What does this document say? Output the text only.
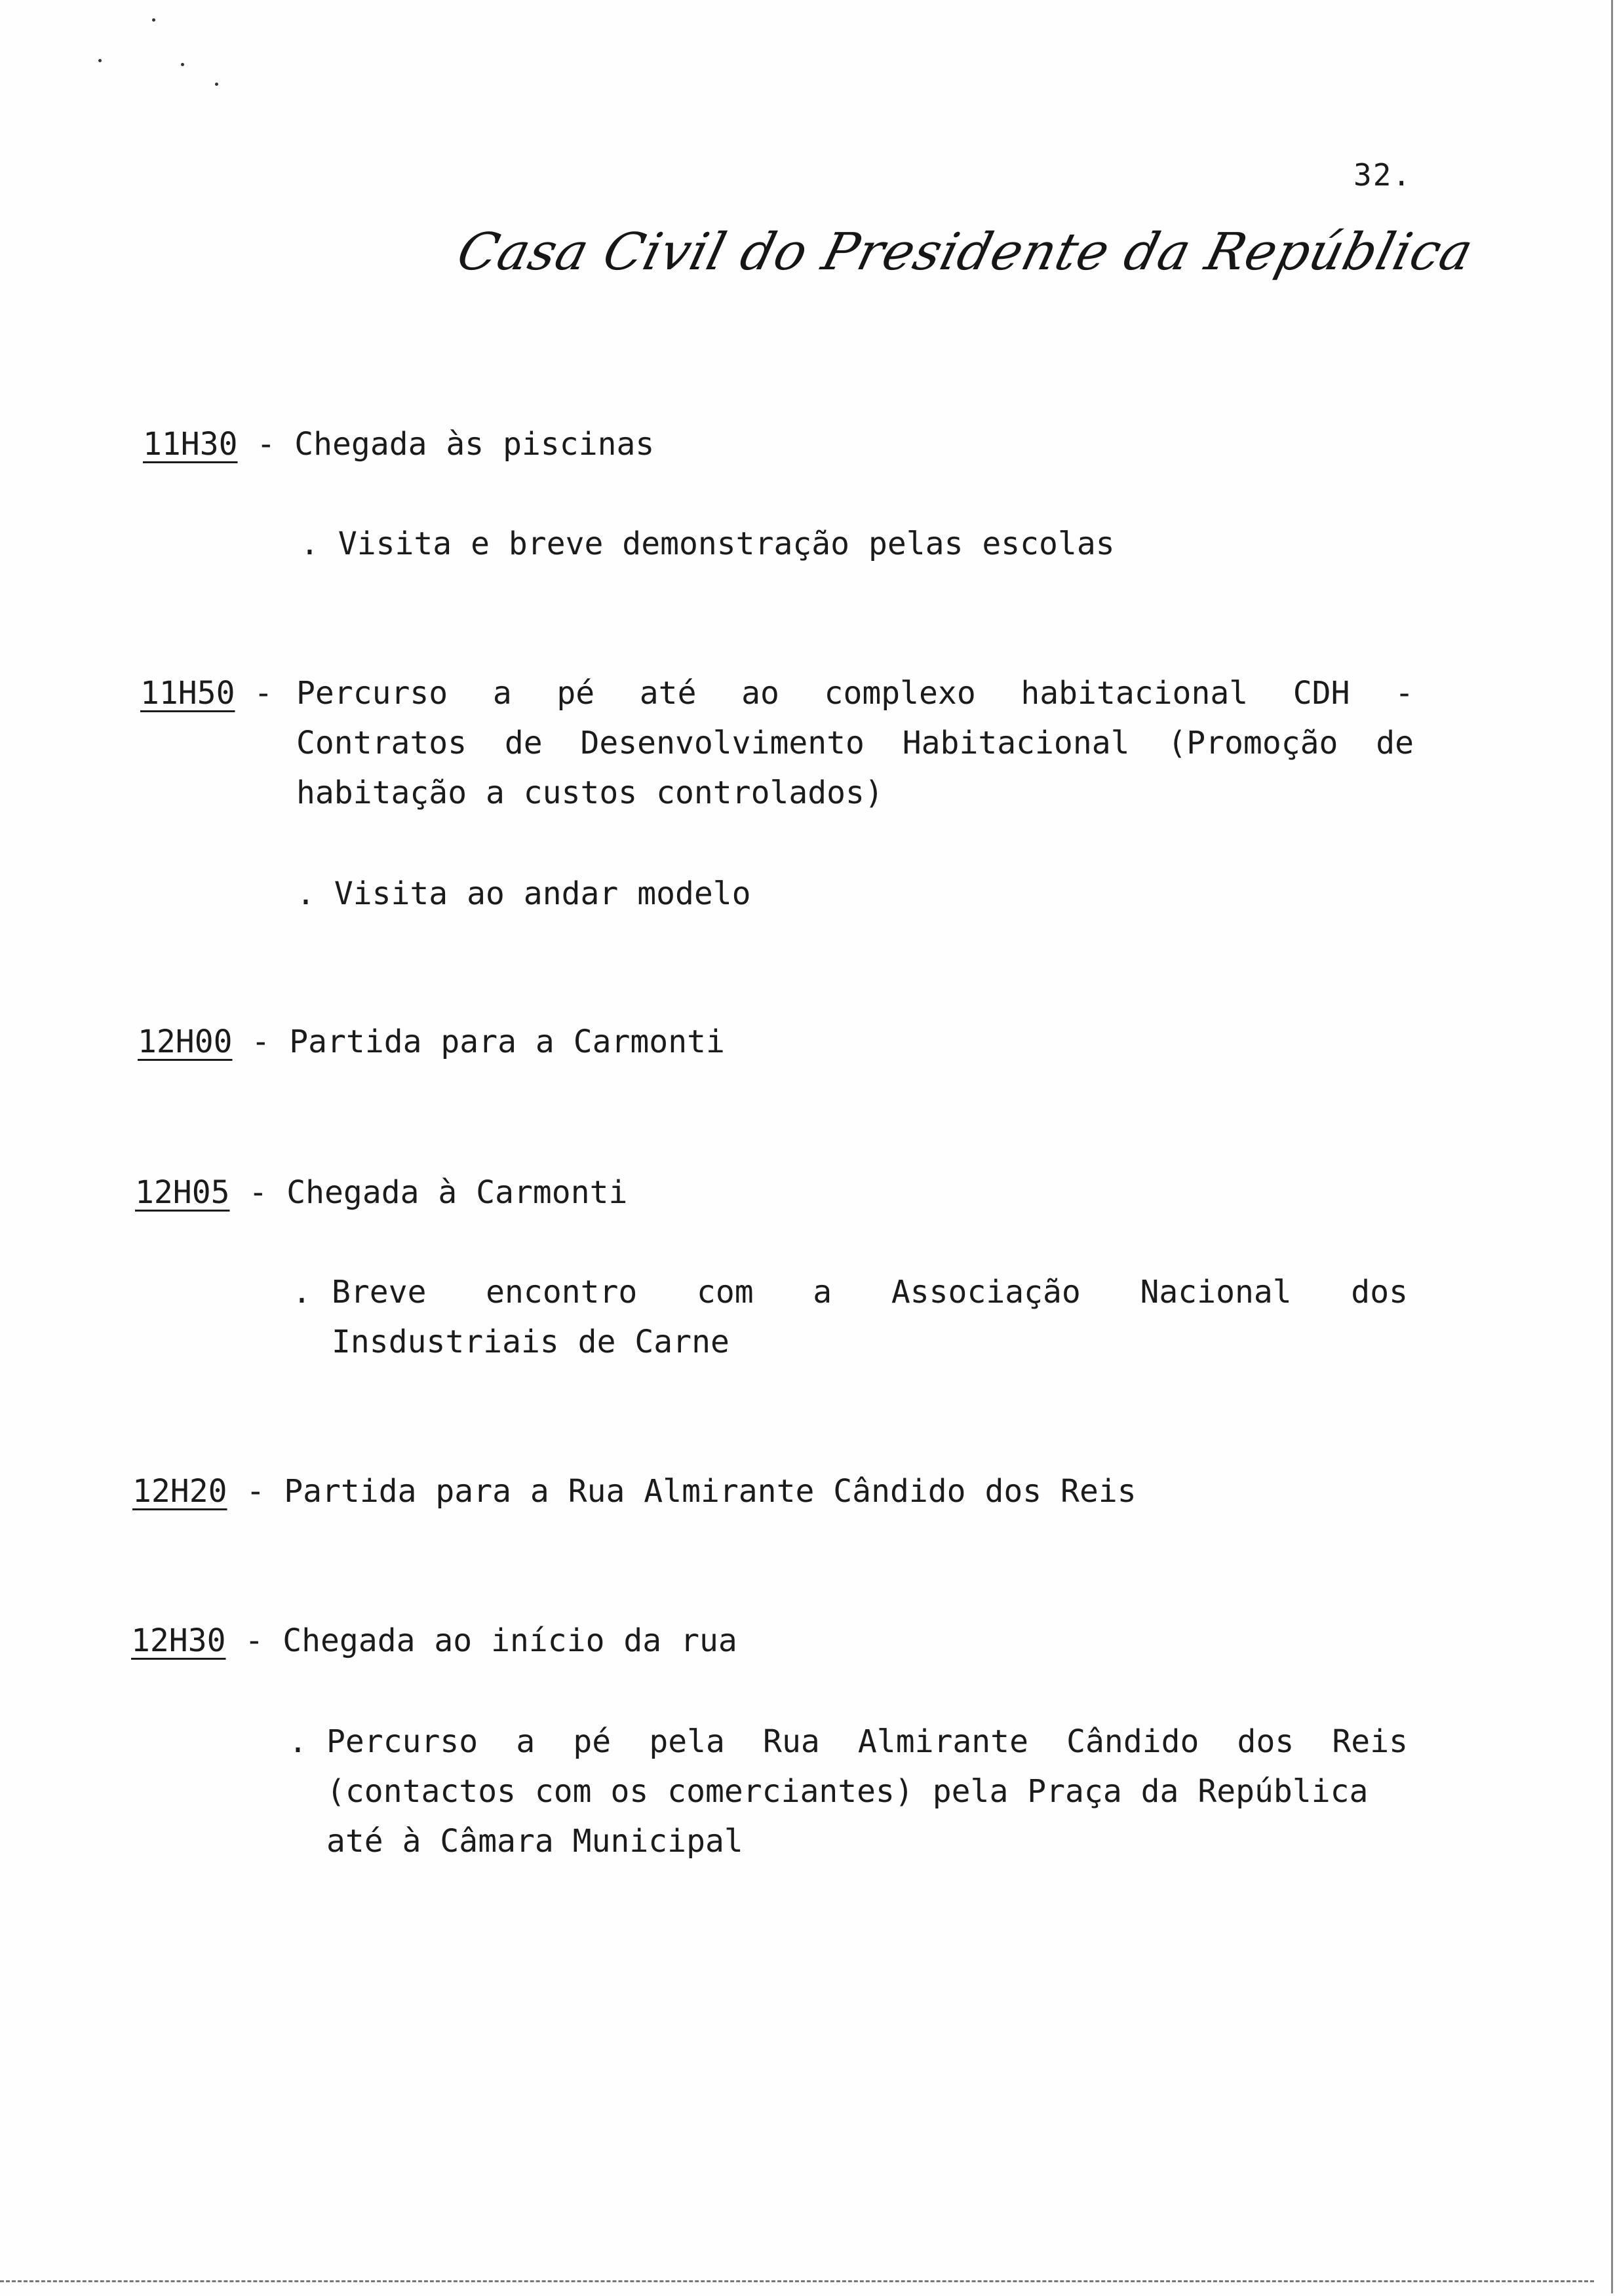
32.
Casa Civil do Presidente da República
11H30 - Chegada às piscinas
. Visita e breve demonstração pelas escolas
11H50 - Percurso a pé até ao complexo habitacional CDH -
Contratos de Desenvolvimento Habitacional (Promoção de
habitação a custos controlados)
. Visita ao andar modelo
12H00 - Partida para a Carmonti
12H05 - Chegada à Carmonti
. Breve encontro com a Associação Nacional dos
Insdustriais de Carne
12H20 - Partida para a Rua Almirante Cândido dos Reis
12H30 - Chegada ao início da rua
. Percurso a pé pela Rua Almirante Cândido dos Reis
(contactos com os comerciantes) pela Praça da República
até à Câmara Municipal
